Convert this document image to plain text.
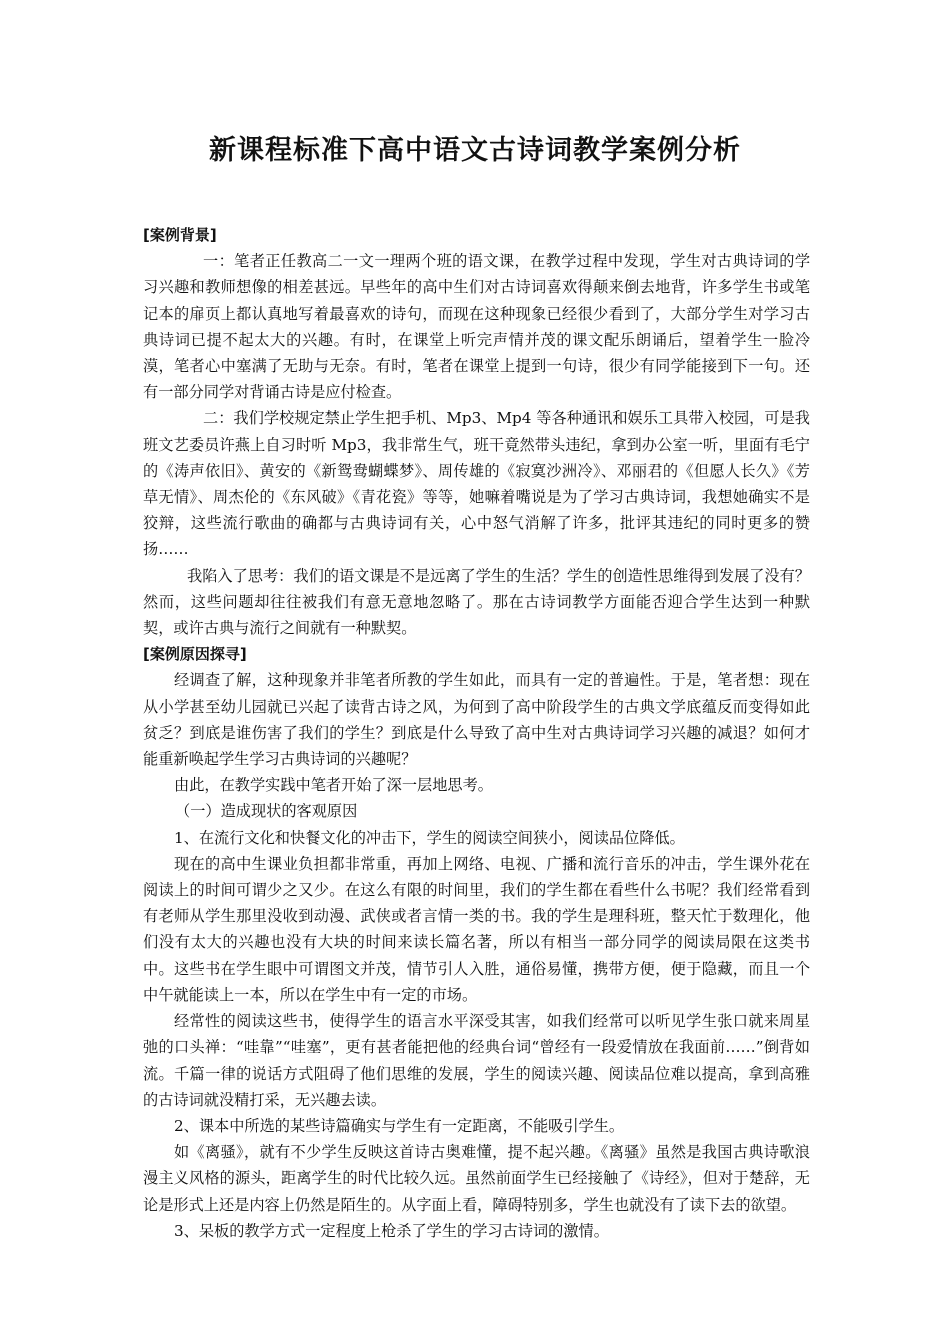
新课程标准下高中语文古诗词教学案例分析

[案例背景]

一：笔者正任教高二一文一理两个班的语文课，在教学过程中发现，学生对古典诗词的学习兴趣和教师想像的相差甚远。早些年的高中生们对古诗词喜欢得颠来倒去地背，许多学生书或笔记本的扉页上都认真地写着最喜欢的诗句，而现在这种现象已经很少看到了，大部分学生对学习古典诗词已提不起太大的兴趣。有时，在课堂上听完声情并茂的课文配乐朗诵后，望着学生一脸冷漠，笔者心中塞满了无助与无奈。有时，笔者在课堂上提到一句诗，很少有同学能接到下一句。还有一部分同学对背诵古诗是应付检查。

二：我们学校规定禁止学生把手机、Mp3、Mp4 等各种通讯和娱乐工具带入校园，可是我班文艺委员许燕上自习时听 Mp3，我非常生气，班干竟然带头违纪，拿到办公室一听，里面有毛宁的《涛声依旧》、黄安的《新鸳鸯蝴蝶梦》、周传雄的《寂寞沙洲冷》、邓丽君的《但愿人长久》《芳草无情》、周杰伦的《东风破》《青花瓷》等等，她嘛着嘴说是为了学习古典诗词，我想她确实不是狡辩，这些流行歌曲的确都与古典诗词有关，心中怒气消解了许多，批评其违纪的同时更多的赞扬……

我陷入了思考：我们的语文课是不是远离了学生的生活？学生的创造性思维得到发展了没有？然而，这些问题却往往被我们有意无意地忽略了。那在古诗词教学方面能否迎合学生达到一种默契，或许古典与流行之间就有一种默契。

[案例原因探寻]

经调查了解，这种现象并非笔者所教的学生如此，而具有一定的普遍性。于是，笔者想：现在从小学甚至幼儿园就已兴起了读背古诗之风，为何到了高中阶段学生的古典文学底蕴反而变得如此贫乏？到底是谁伤害了我们的学生？到底是什么导致了高中生对古典诗词学习兴趣的减退？如何才能重新唤起学生学习古典诗词的兴趣呢？

由此，在教学实践中笔者开始了深一层地思考。

（一）造成现状的客观原因

1、在流行文化和快餐文化的冲击下，学生的阅读空间狭小，阅读品位降低。

现在的高中生课业负担都非常重，再加上网络、电视、广播和流行音乐的冲击，学生课外花在阅读上的时间可谓少之又少。在这么有限的时间里，我们的学生都在看些什么书呢？我们经常看到有老师从学生那里没收到动漫、武侠或者言情一类的书。我的学生是理科班，整天忙于数理化，他们没有太大的兴趣也没有大块的时间来读长篇名著，所以有相当一部分同学的阅读局限在这类书中。这些书在学生眼中可谓图文并茂，情节引人入胜，通俗易懂，携带方便，便于隐藏，而且一个中午就能读上一本，所以在学生中有一定的市场。

经常性的阅读这些书，使得学生的语言水平深受其害，如我们经常可以听见学生张口就来周星弛的口头禅：“哇靠”“哇塞”，更有甚者能把他的经典台词“曾经有一段爱情放在我面前……”倒背如流。千篇一律的说话方式阻碍了他们思维的发展，学生的阅读兴趣、阅读品位难以提高，拿到高雅的古诗词就没精打采，无兴趣去读。

2、课本中所选的某些诗篇确实与学生有一定距离，不能吸引学生。

如《离骚》，就有不少学生反映这首诗古奥难懂，提不起兴趣。《离骚》虽然是我国古典诗歌浪漫主义风格的源头，距离学生的时代比较久远。虽然前面学生已经接触了《诗经》，但对于楚辞，无论是形式上还是内容上仍然是陌生的。从字面上看，障碍特别多，学生也就没有了读下去的欲望。

3、呆板的教学方式一定程度上枪杀了学生的学习古诗词的激情。
